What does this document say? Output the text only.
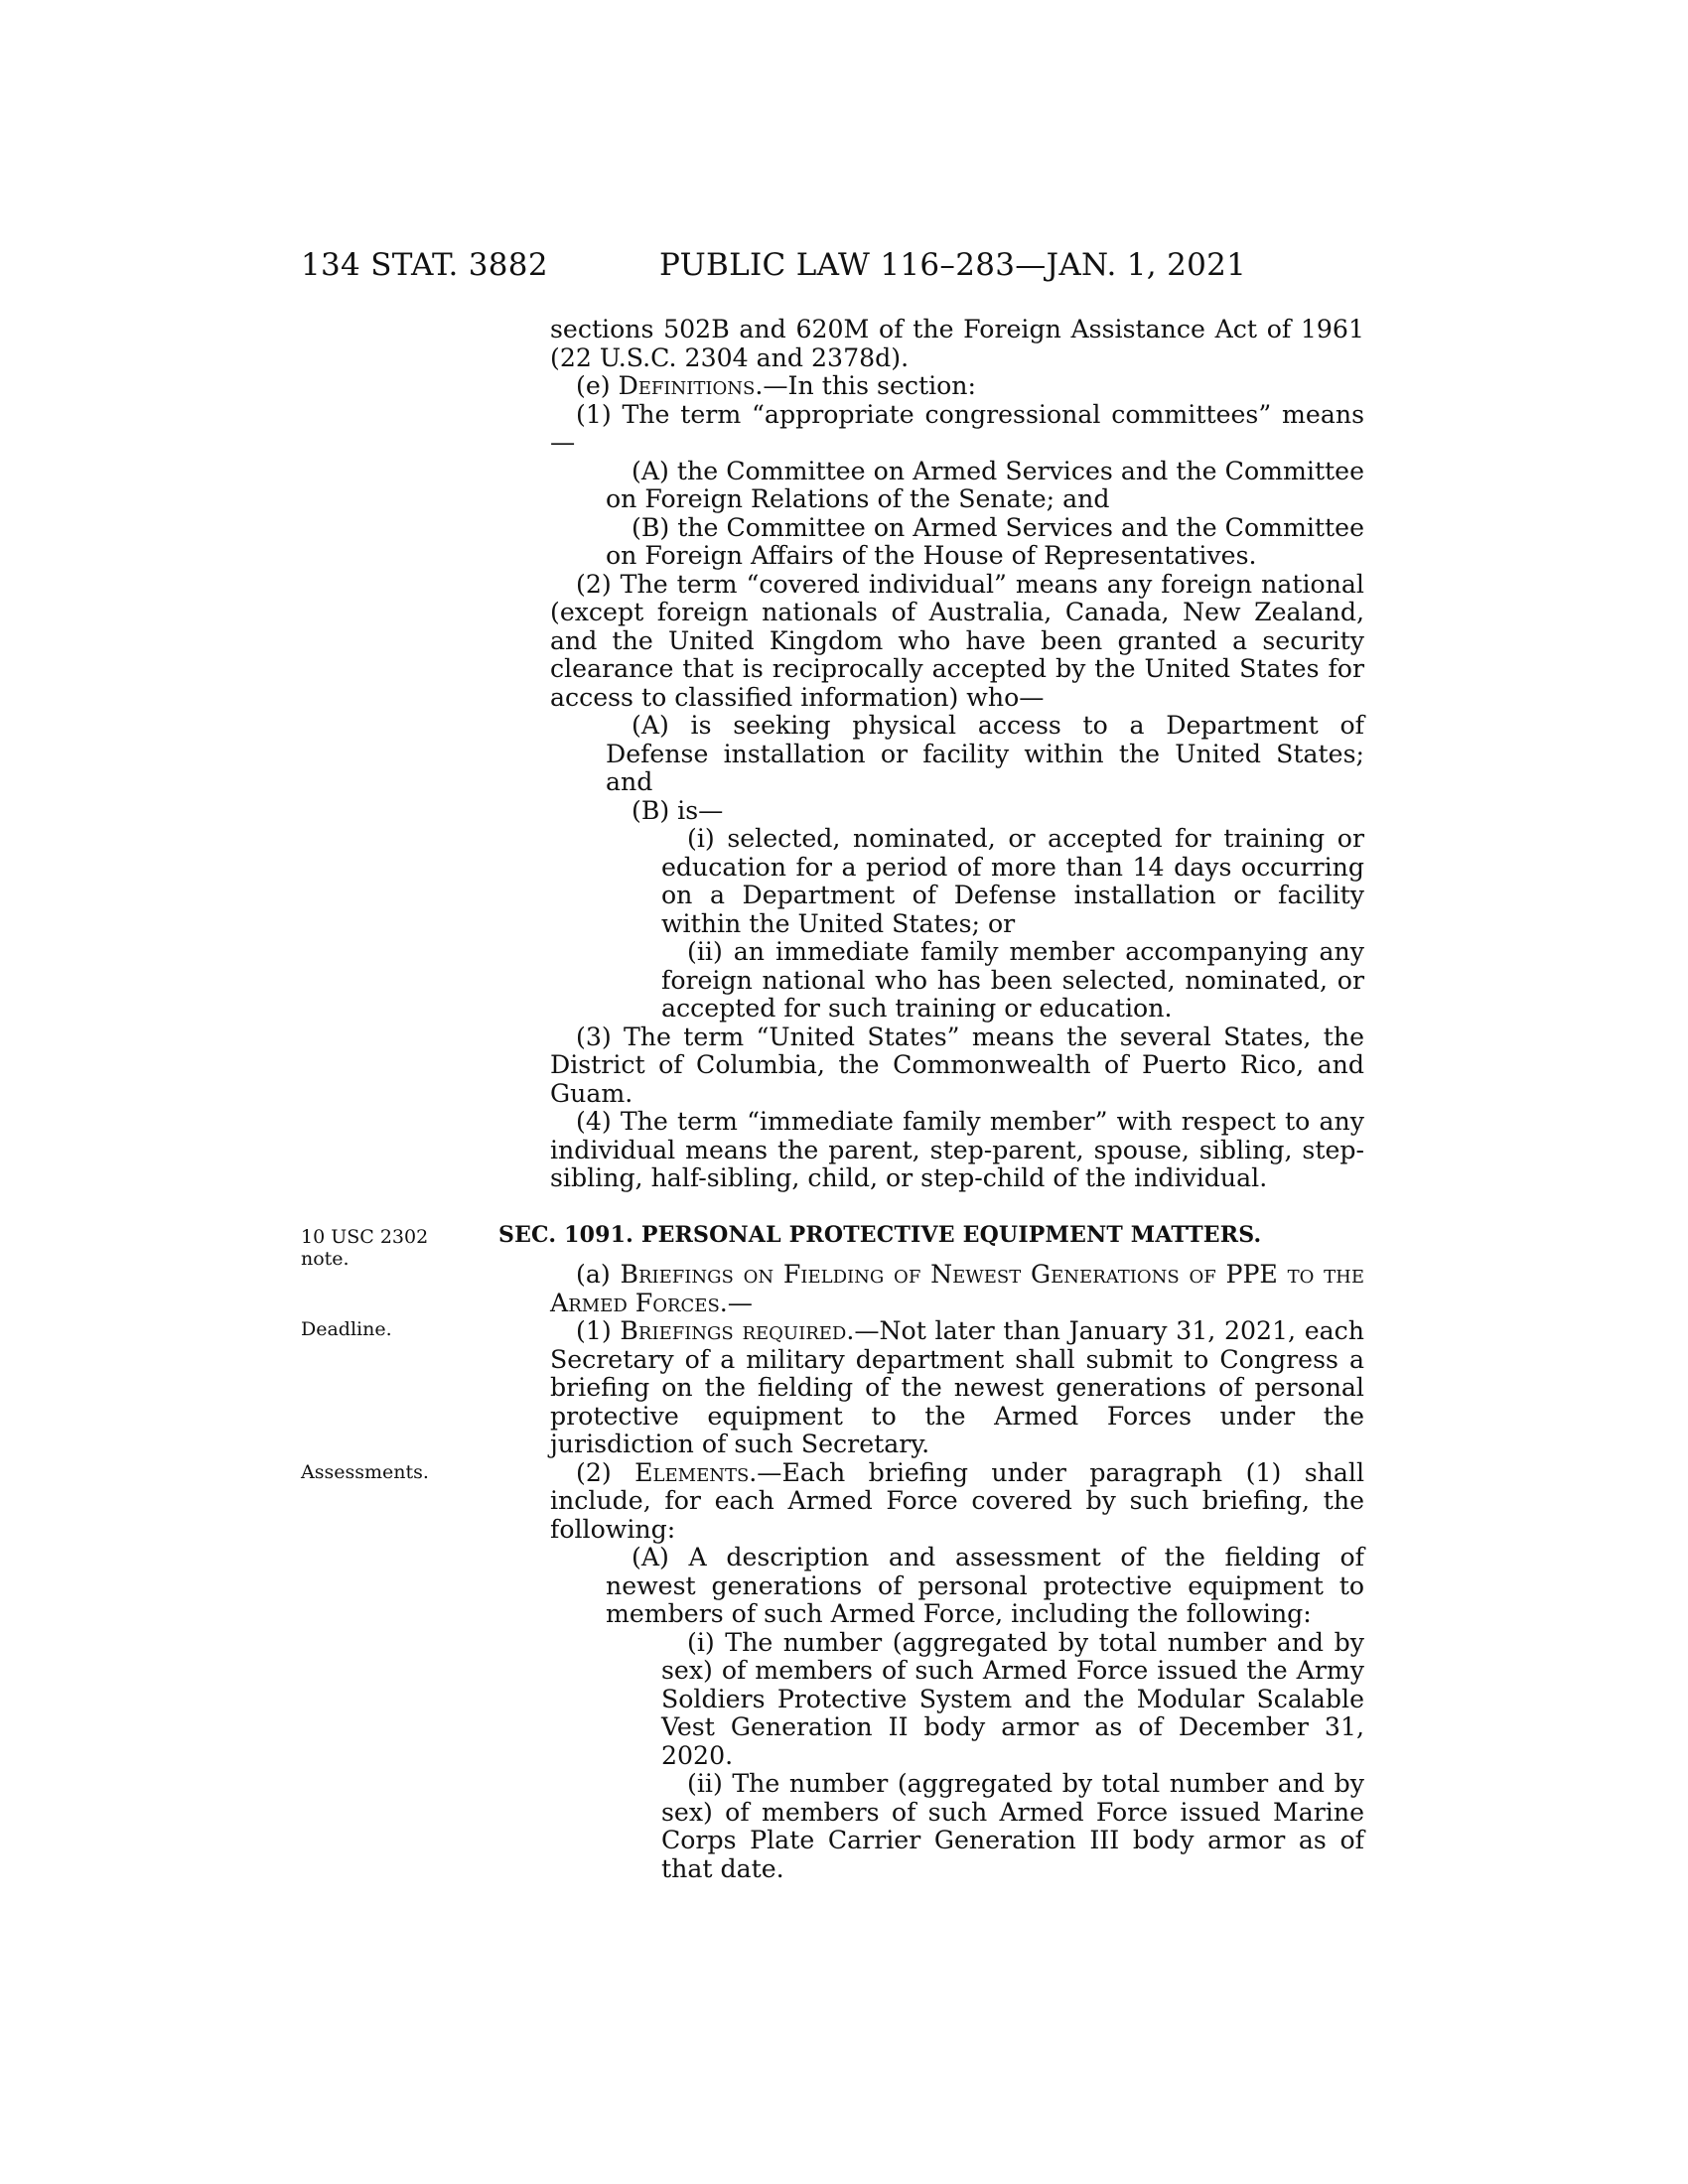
134 STAT. 3882	PUBLIC LAW 116–283—JAN. 1, 2021
10 USC 2302
note.
Deadline.
Assessments.

sections 502B and 620M of the Foreign Assistance Act of 1961 (22 U.S.C. 2304 and 2378d).

(e) Definitions.—In this section:

(1) The term “appropriate congressional committees” means—

(A) the Committee on Armed Services and the Committee on Foreign Relations of the Senate; and

(B) the Committee on Armed Services and the Committee on Foreign Affairs of the House of Representatives.

(2) The term “covered individual” means any foreign national (except foreign nationals of Australia, Canada, New Zealand, and the United Kingdom who have been granted a security clearance that is reciprocally accepted by the United States for access to classified information) who—

(A) is seeking physical access to a Department of Defense installation or facility within the United States; and

(B) is—

(i) selected, nominated, or accepted for training or education for a period of more than 14 days occurring on a Department of Defense installation or facility within the United States; or

(ii) an immediate family member accompanying any foreign national who has been selected, nominated, or accepted for such training or education.

(3) The term “United States” means the several States, the District of Columbia, the Commonwealth of Puerto Rico, and Guam.

(4) The term “immediate family member” with respect to any individual means the parent, step-parent, spouse, sibling, step-sibling, half-sibling, child, or step-child of the individual.

SEC. 1091. PERSONAL PROTECTIVE EQUIPMENT MATTERS.

(a) Briefings on Fielding of Newest Generations of PPE to the Armed Forces.—

(1) Briefings required.—Not later than January 31, 2021, each Secretary of a military department shall submit to Congress a briefing on the fielding of the newest generations of personal protective equipment to the Armed Forces under the jurisdiction of such Secretary.

(2) Elements.—Each briefing under paragraph (1) shall include, for each Armed Force covered by such briefing, the following:

(A) A description and assessment of the fielding of newest generations of personal protective equipment to members of such Armed Force, including the following:

(i) The number (aggregated by total number and by sex) of members of such Armed Force issued the Army Soldiers Protective System and the Modular Scalable Vest Generation II body armor as of December 31, 2020.

(ii) The number (aggregated by total number and by sex) of members of such Armed Force issued Marine Corps Plate Carrier Generation III body armor as of that date.
